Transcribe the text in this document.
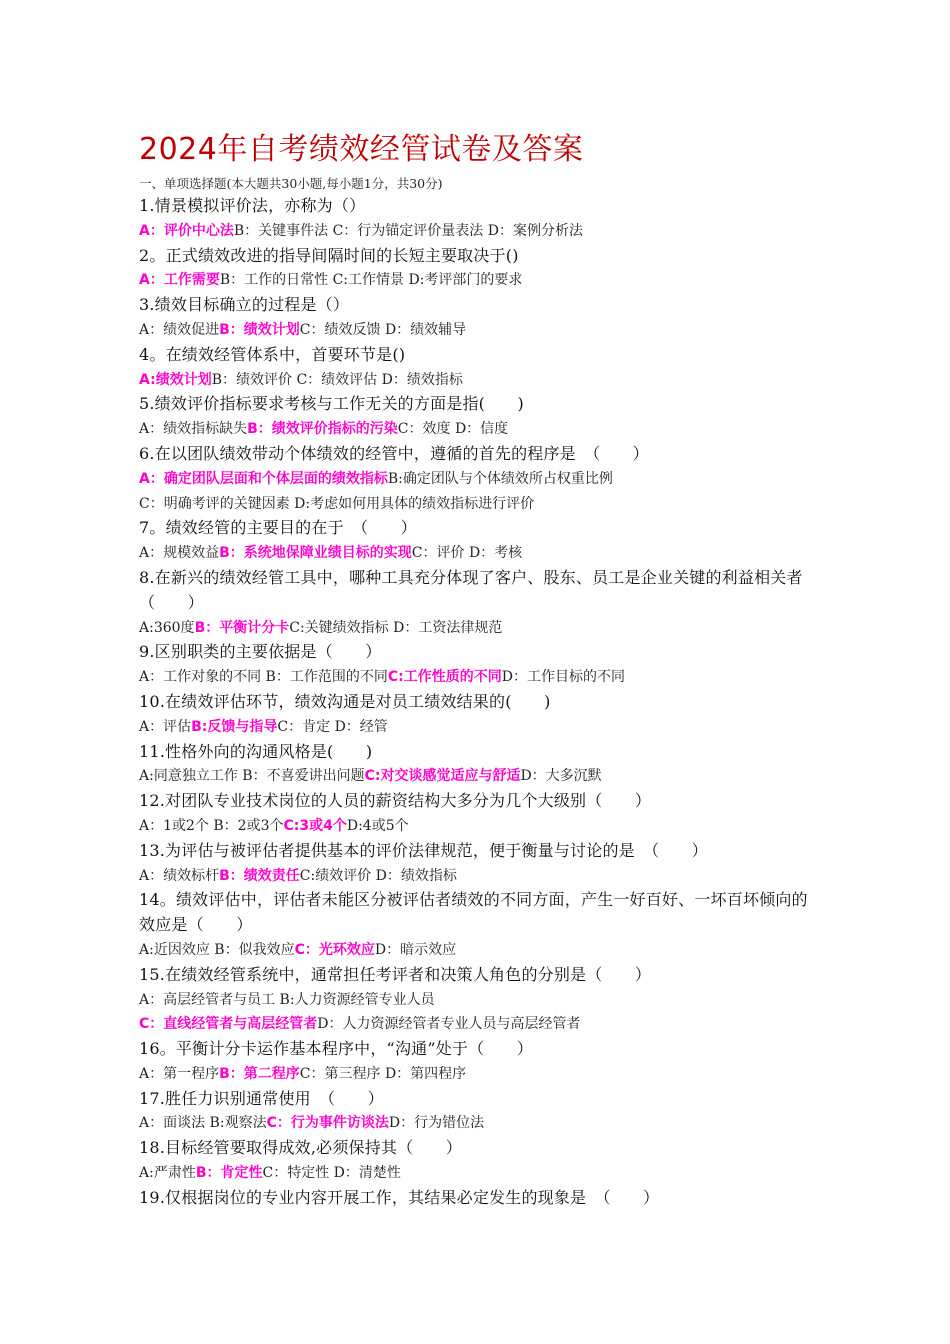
2024年自考绩效经管试卷及答案
一、单项选择题(本大题共30小题,每小题1分，共30分)
1.情景模拟评价法，亦称为（）
A：评价中心法B：关键事件法 C：行为锚定评价量表法 D：案例分析法
2。正式绩效改进的指导间隔时间的长短主要取决于()
A：工作需要B：工作的日常性 C:工作情景 D:考评部门的要求
3.绩效目标确立的过程是（）
A：绩效促进B：绩效计划C：绩效反馈 D：绩效辅导
4。在绩效经管体系中，首要环节是()
A:绩效计划B：绩效评价 C：绩效评估 D：绩效指标
5.绩效评价指标要求考核与工作无关的方面是指(　　)
A：绩效指标缺失B：绩效评价指标的污染C：效度 D：信度
6.在以团队绩效带动个体绩效的经管中，遵循的首先的程序是　（　　）
A：确定团队层面和个体层面的绩效指标B:确定团队与个体绩效所占权重比例
C：明确考评的关键因素 D:考虑如何用具体的绩效指标进行评价
7。绩效经管的主要目的在于　（　　）
A：规模效益B：系统地保障业绩目标的实现C：评价 D：考核
8.在新兴的绩效经管工具中，哪种工具充分体现了客户、股东、员工是企业关键的利益相关者（　　）
A:360度B：平衡计分卡C:关键绩效指标 D：工资法律规范
9.区别职类的主要依据是（　　）
A：工作对象的不同 B：工作范围的不同C:工作性质的不同D：工作目标的不同
10.在绩效评估环节，绩效沟通是对员工绩效结果的(　　)
A：评估B:反馈与指导C：肯定 D：经管
11.性格外向的沟通风格是(　　)
A:同意独立工作 B：不喜爱讲出问题C:对交谈感觉适应与舒适D：大多沉默
12.对团队专业技术岗位的人员的薪资结构大多分为几个大级别（　　）
A：1或2个 B：2或3个C:3或4个D:4或5个
13.为评估与被评估者提供基本的评价法律规范，便于衡量与讨论的是　（　　）
A：绩效标杆B：绩效责任C:绩效评价 D：绩效指标
14。绩效评估中，评估者未能区分被评估者绩效的不同方面，产生一好百好、一坏百坏倾向的效应是（　　）
A:近因效应 B：似我效应C：光环效应D：暗示效应
15.在绩效经管系统中，通常担任考评者和决策人角色的分别是（　　）
A：高层经管者与员工 B:人力资源经管专业人员
C：直线经管者与高层经管者D：人力资源经管者专业人员与高层经管者
16。平衡计分卡运作基本程序中，“沟通”处于（　　）
A：第一程序B：第二程序C：第三程序 D：第四程序
17.胜任力识别通常使用　（　　）
A：面谈法 B:观察法C：行为事件访谈法D：行为错位法
18.目标经管要取得成效,必须保持其（　　）
A:严肃性B：肯定性C：特定性 D：清楚性
19.仅根据岗位的专业内容开展工作，其结果必定发生的现象是　（　　）
